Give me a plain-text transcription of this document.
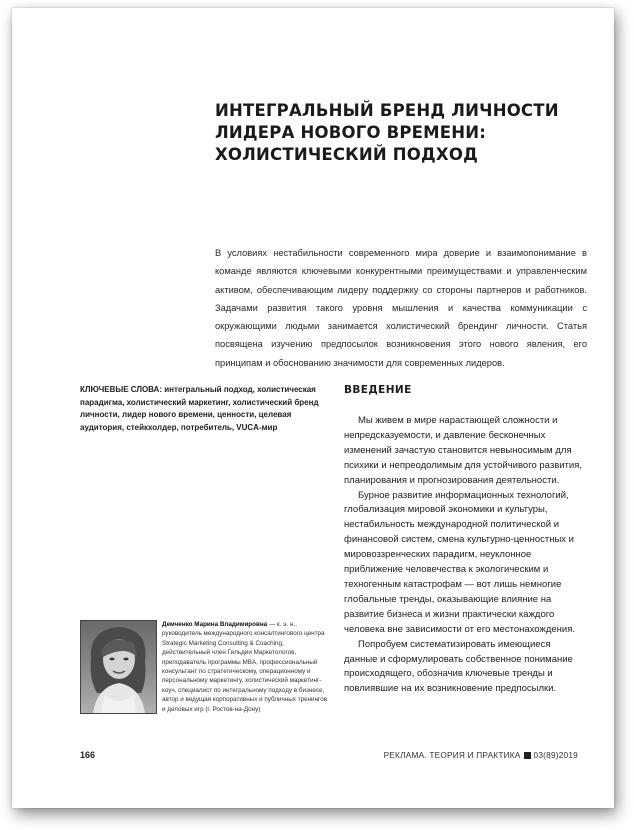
ИНТЕГРАЛЬНЫЙ БРЕНД ЛИЧНОСТИ ЛИДЕРА НОВОГО ВРЕМЕНИ: ХОЛИСТИЧЕСКИЙ ПОДХОД

В условиях нестабильности современного мира доверие и взаимопонимание в команде являются ключевыми конкурентными преимуществами и управленческим активом, обеспечивающим лидеру поддержку со стороны партнеров и работников. Задачами развития такого уровня мышления и качества коммуникации с окружающими людьми занимается холистический брендинг личности. Статья посвящена изучению предпосылок возникновения этого нового явления, его принципам и обоснованию значимости для современных лидеров.

КЛЮЧЕВЫЕ СЛОВА: интегральный подход, холистическая парадигма, холистический маркетинг, холистический бренд личности, лидер нового времени, ценности, целевая аудитория, стейкхолдер, потребитель, VUCA-мир

ВВЕДЕНИЕ

Мы живем в мире нарастающей сложности и непредсказуемости, и давление бесконечных изменений зачастую становится невыносимым для психики и непреодолимым для устойчивого развития, планирования и прогнозирования деятельности.

Бурное развитие информационных технологий, глобализация мировой экономики и культуры, нестабильность международной политической и финансовой систем, смена культурно-ценностных и мировоззренческих парадигм, неуклонное приближение человечества к экологическим и техногенным катастрофам — вот лишь немногие глобальные тренды, оказывающие влияние на развитие бизнеса и жизни практически каждого человека вне зависимости от его местонахождения.

Попробуем систематизировать имеющиеся данные и сформулировать собственное понимание происходящего, обозначив ключевые тренды и повлиявшие на их возникновение предпосылки.

Демченко Марина Владимировна — к. э. н., руководитель международного консалтингового центра Strategic Marketing Consulting & Coaching, действительный член Гильдии Маркетологов, преподаватель программы MBA, профессиональный консультант по стратегическому, операционному и персональному маркетингу, холистический маркетинг-коуч, специалист по интегральному подходу в бизнесе, автор и ведущая корпоративных и публичных тренингов и деловых игр (г. Ростов-на-Дону)

166	РЕКЛАМА. ТЕОРИЯ И ПРАКТИКА 03(89)2019
